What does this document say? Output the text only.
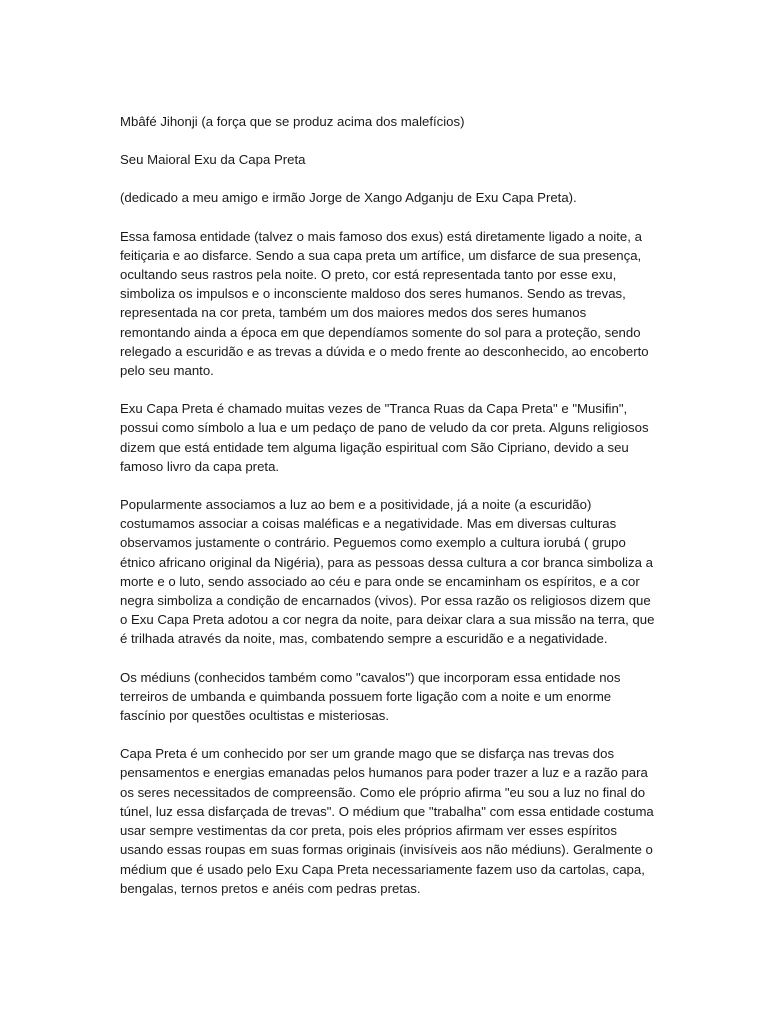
Mbâfé Jihonji (a força que se produz acima dos malefícios)

Seu Maioral Exu da Capa Preta

(dedicado a meu amigo e irmão Jorge de Xango Adganju de Exu Capa Preta).

Essa famosa entidade (talvez o mais famoso dos exus) está diretamente ligado a noite, a feitiçaria e ao disfarce. Sendo a sua capa preta um artífice, um disfarce de sua presença, ocultando seus rastros pela noite. O preto, cor está representada tanto por esse exu, simboliza os impulsos e o inconsciente maldoso dos seres humanos. Sendo as trevas, representada na cor preta, também um dos maiores medos dos seres humanos remontando ainda a época em que dependíamos somente do sol para a proteção, sendo relegado a escuridão e as trevas a dúvida e o medo frente ao desconhecido, ao encoberto pelo seu manto.

Exu Capa Preta é chamado muitas vezes de "Tranca Ruas da Capa Preta" e "Musifin", possui como símbolo a lua e um pedaço de pano de veludo da cor preta. Alguns religiosos dizem que está entidade tem alguma ligação espiritual com São Cipriano, devido a seu famoso livro da capa preta.

Popularmente associamos a luz ao bem e a positividade, já a noite (a escuridão) costumamos associar a coisas maléficas e a negatividade. Mas em diversas culturas observamos justamente o contrário. Peguemos como exemplo a cultura iorubá ( grupo étnico africano original da Nigéria), para as pessoas dessa cultura a cor branca simboliza a morte e o luto, sendo associado ao céu e para onde se encaminham os espíritos, e a cor negra simboliza a condição de encarnados (vivos). Por essa razão os religiosos dizem que o Exu Capa Preta adotou a cor negra da noite, para deixar clara a sua missão na terra, que é trilhada através da noite, mas, combatendo sempre a escuridão e a negatividade.

Os médiuns (conhecidos também como "cavalos") que incorporam essa entidade nos terreiros de umbanda e quimbanda possuem forte ligação com a noite e um enorme fascínio por questões ocultistas e misteriosas.

Capa Preta é um conhecido por ser um grande mago que se disfarça nas trevas dos pensamentos e energias emanadas pelos humanos para poder trazer a luz e a razão para os seres necessitados de compreensão. Como ele próprio afirma "eu sou a luz no final do túnel, luz essa disfarçada de trevas". O médium que "trabalha" com essa entidade costuma usar sempre vestimentas da cor preta, pois eles próprios afirmam ver esses espíritos usando essas roupas em suas formas originais (invisíveis aos não médiuns). Geralmente o médium que é usado pelo Exu Capa Preta necessariamente fazem uso da cartolas, capa, bengalas, ternos pretos e anéis com pedras pretas.
